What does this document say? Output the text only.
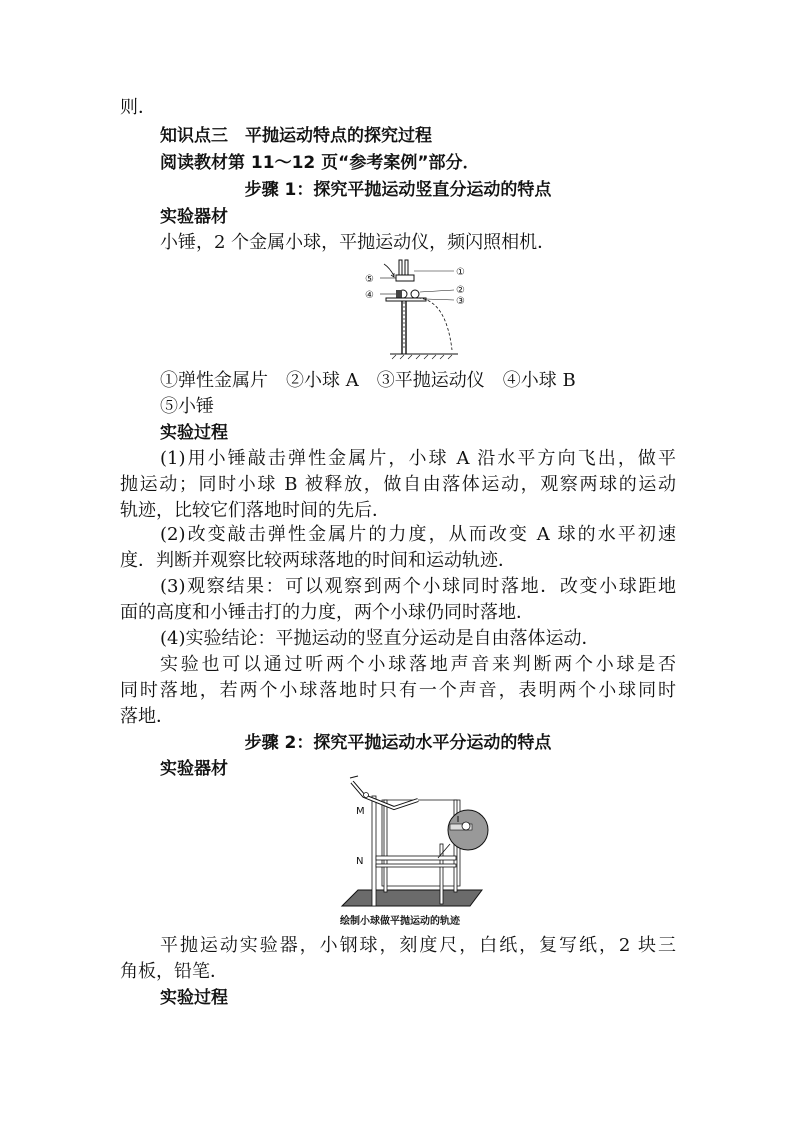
则．
知识点三　平抛运动特点的探究过程
阅读教材第 11～12 页“参考案例”部分．
步骤 1：探究平抛运动竖直分运动的特点
实验器材
小锤，2 个金属小球，平抛运动仪，频闪照相机．
⑤
④
①
②
③
①弹性金属片　②小球 A　③平抛运动仪　④小球 B
⑤小锤
实验过程
(1)用小锤敲击弹性金属片，小球 A 沿水平方向飞出，做平
抛运动；同时小球 B 被释放，做自由落体运动，观察两球的运动
轨迹，比较它们落地时间的先后．
(2)改变敲击弹性金属片的力度，从而改变 A 球的水平初速
度．判断并观察比较两球落地的时间和运动轨迹．
(3)观察结果：可以观察到两个小球同时落地．改变小球距地
面的高度和小锤击打的力度，两个小球仍同时落地．
(4)实验结论：平抛运动的竖直分运动是自由落体运动．
实验也可以通过听两个小球落地声音来判断两个小球是否
同时落地，若两个小球落地时只有一个声音，表明两个小球同时
落地．
步骤 2：探究平抛运动水平分运动的特点
实验器材
M
N
绘制小球做平抛运动的轨迹
平抛运动实验器，小钢球，刻度尺，白纸，复写纸，2 块三
角板，铅笔．
实验过程
